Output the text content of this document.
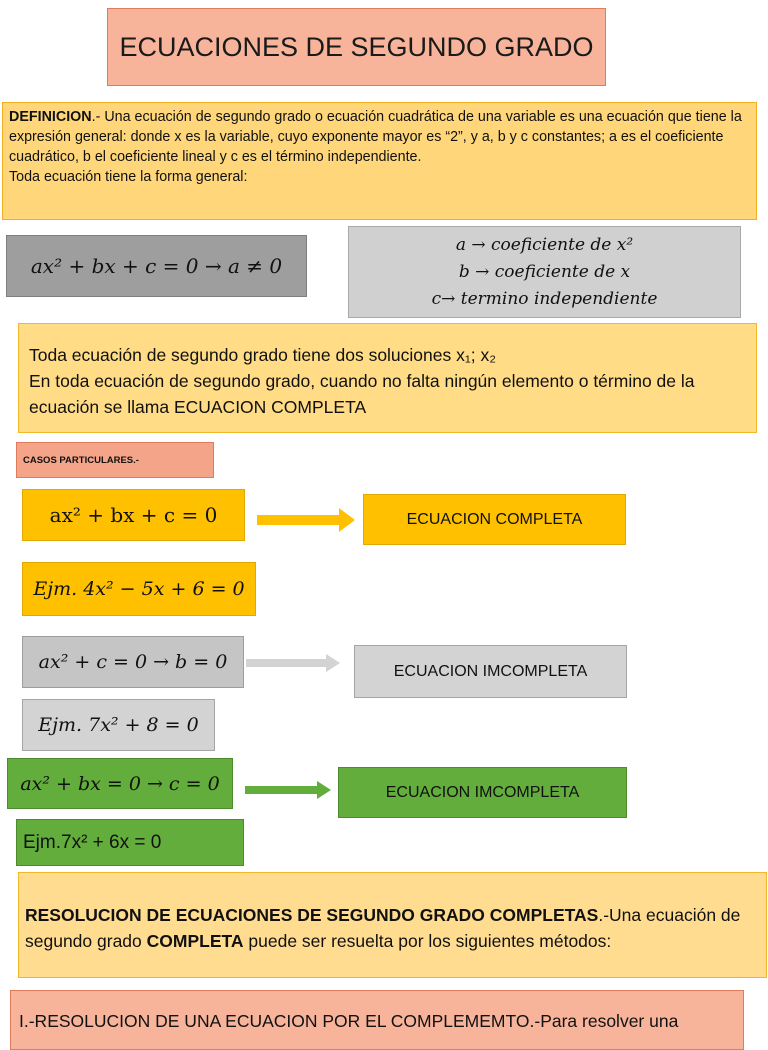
ECUACIONES DE SEGUNDO GRADO
DEFINICION.- Una ecuación de segundo grado o ecuación cuadrática de una variable es una ecuación que tiene la expresión general: donde x es la variable, cuyo exponente mayor es “2”, y a, b y c constantes; a es el coeficiente cuadrático, b el coeficiente lineal y c es el término independiente.
Toda ecuación tiene la forma general:
ax² + bx + c = 0 → a ≠ 0
a → coeficiente de x²
b → coeficiente de x
c→ termino independiente
Toda ecuación de segundo grado tiene dos soluciones x₁; x₂
En toda ecuación de segundo grado, cuando no falta ningún elemento o término de la ecuación se llama ECUACION COMPLETA
CASOS PARTICULARES.-
ax² + bx + c = 0	ECUACION COMPLETA
Ejm. 4x² − 5x + 6 = 0
ax² + c = 0 → b = 0	ECUACION IMCOMPLETA
Ejm. 7x² + 8 = 0
ax² + bx = 0 → c = 0	ECUACION IMCOMPLETA
Ejm.7x² + 6x = 0
RESOLUCION DE ECUACIONES DE SEGUNDO GRADO COMPLETAS.-Una ecuación de segundo grado COMPLETA puede ser resuelta por los siguientes métodos:
I.-RESOLUCION DE UNA ECUACION POR EL COMPLEMEMTO.-Para resolver una
